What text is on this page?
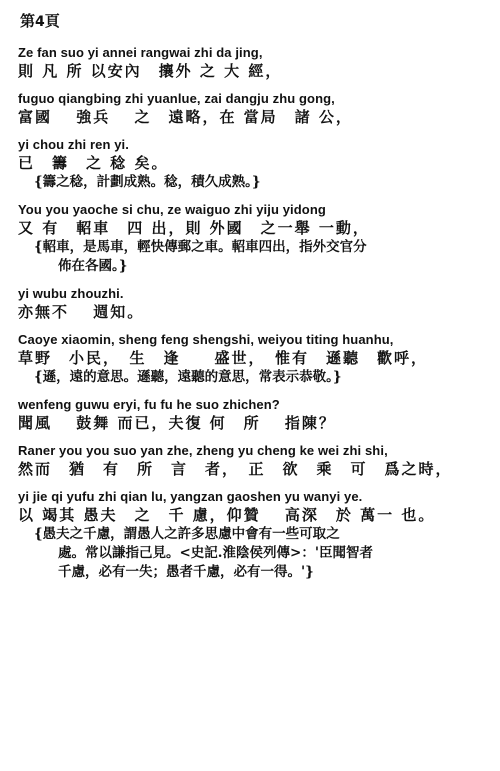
第4頁
Ze fan suo yi annei rangwai zhi da jing,
則 凡 所 以安內　攘外 之 大 經，
fuguo qiangbing zhi yuanlue, zai dangju zhu gong,
富國　 強兵　 之　遠略，在 當局　諸 公，
yi chou zhi ren yi.
已　籌　之 稔 矣。
{籌之稔，計劃成熟。稔，積久成熟。}
You you yaoche si chu, ze waiguo zhi yiju yidong
又 有　軺車　四 出，則 外國　之一舉 一動，
{軺車，是馬車，輕快傳郵之車。軺車四出，指外交官分
佈在各國。}
yi wubu zhouzhi.
亦無不　 週知。
Caoye xiaomin, sheng feng shengshi, weiyou titing huanhu,
草野　小民，　生　逢　　盛世，　惟有　遜聽　歡呼，
{遜，遠的意思。遜聽，遠聽的意思，常表示恭敬。}
wenfeng guwu eryi, fu fu he suo zhichen?
聞風　 鼓舞 而已，夫復 何　所　 指陳？
Raner you you suo yan zhe, zheng yu cheng ke wei zhi shi,
然而　猶　有　所　言　者，　正　欲　乘　可　爲之時，
yi jie qi yufu zhi qian lu, yangzan gaoshen yu wanyi ye.
以 竭其 愚夫　之　千 慮，仰贊　 高深　於 萬一 也。
{愚夫之千慮，謂愚人之許多思慮中會有一些可取之
處。常以謙指己見。<史記.淮陰侯列傳>：'臣聞智者
千慮，必有一失；愚者千慮，必有一得。'}
